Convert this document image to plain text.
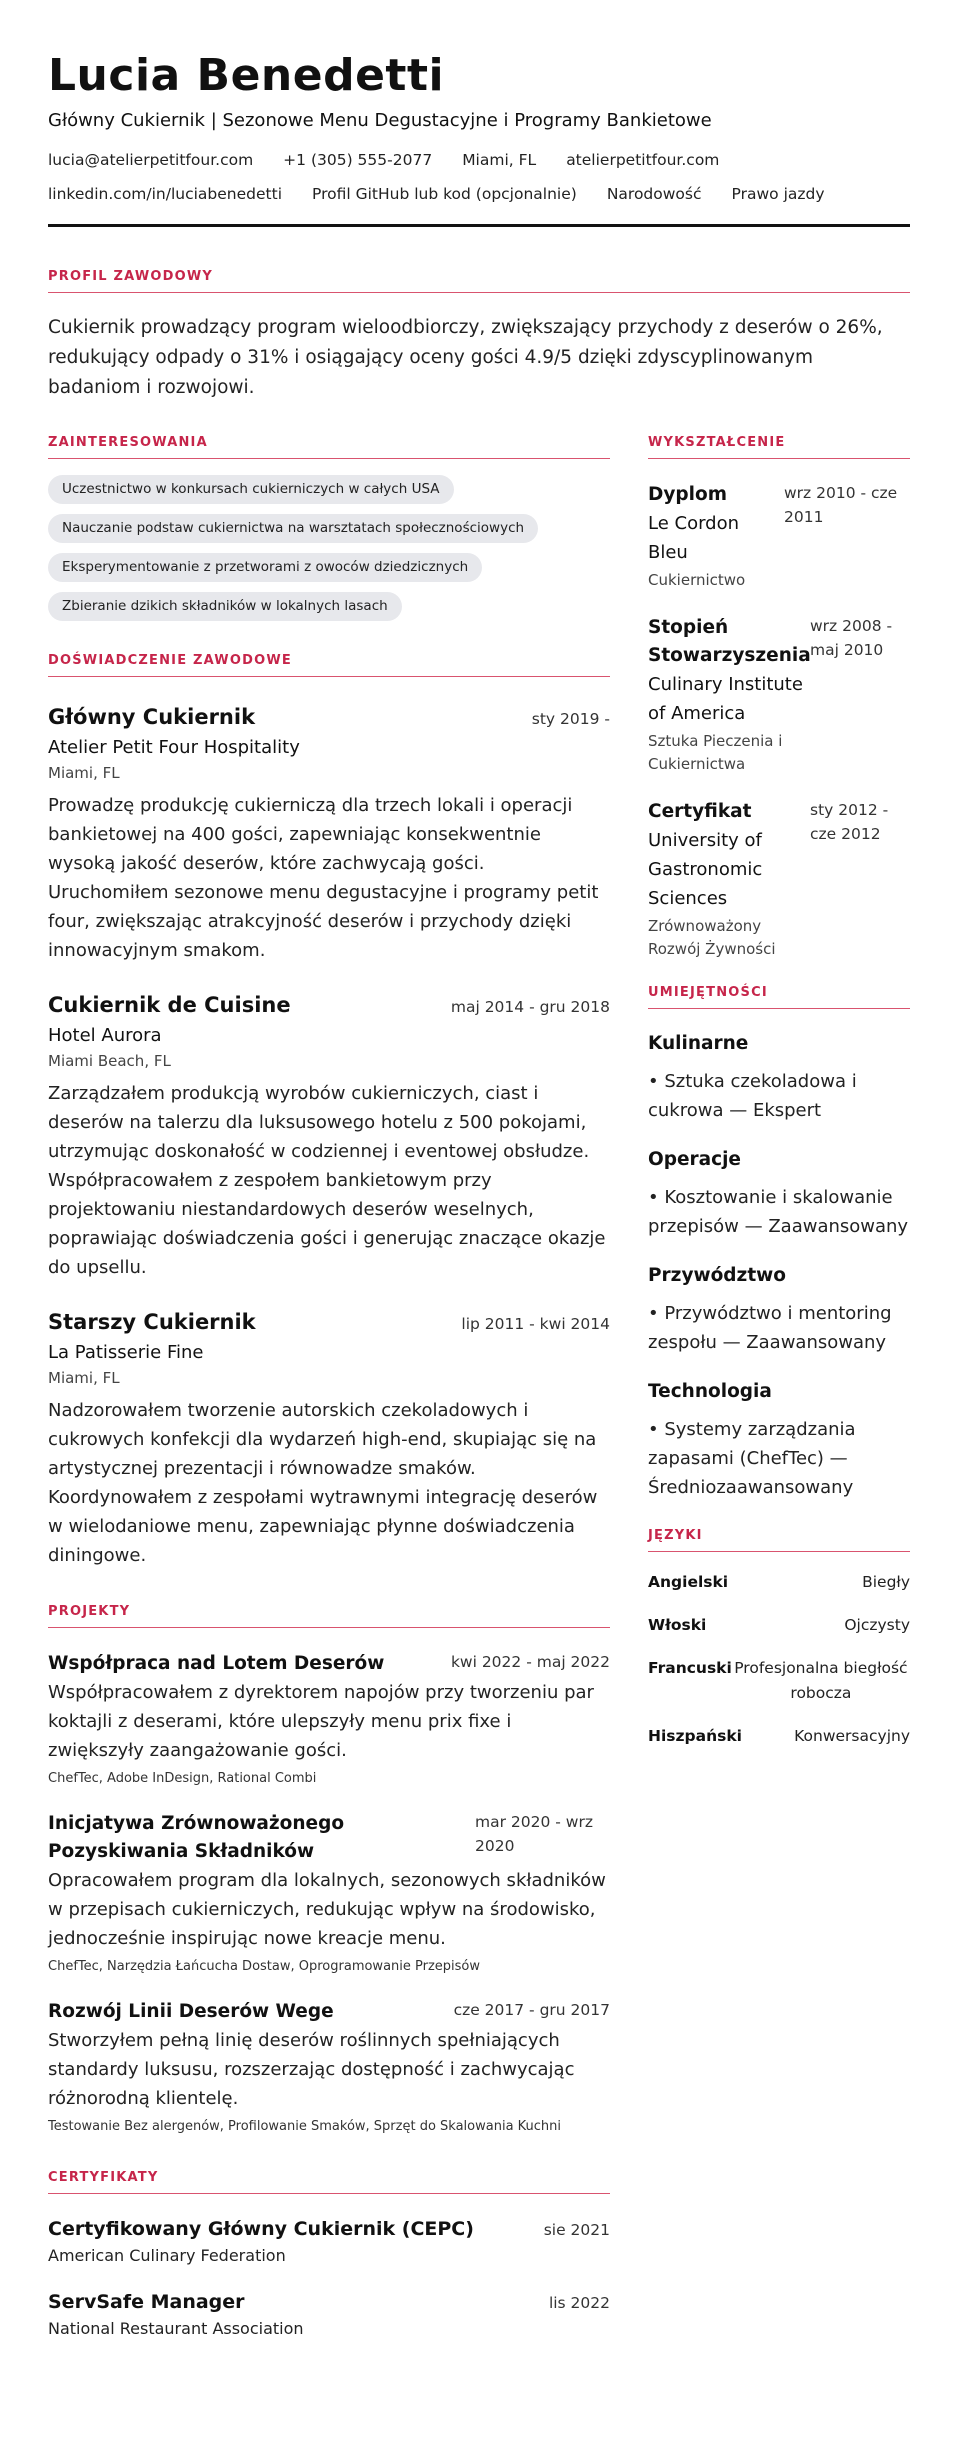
Lucia Benedetti
Główny Cukiernik | Sezonowe Menu Degustacyjne i Programy Bankietowe
lucia@atelierpetitfour.com +1 (305) 555-2077 Miami, FL atelierpetitfour.com
linkedin.com/in/luciabenedetti Profil GitHub lub kod (opcjonalnie) Narodowość Prawo jazdy
PROFIL ZAWODOWY

Cukiernik prowadzący program wieloodbiorczy, zwiększający przychody z deserów o 26%, redukujący odpady o 31% i osiągający oceny gości 4.9/5 dzięki zdyscyplinowanym badaniom i rozwojowi.

ZAINTERESOWANIA
Uczestnictwo w konkursach cukierniczych w całych USA
Nauczanie podstaw cukiernictwa na warsztatach społecznościowych
Eksperymentowanie z przetworami z owoców dziedzicznych
Zbieranie dzikich składników w lokalnych lasach
DOŚWIADCZENIE ZAWODOWE
Główny Cukiernik	sty 2019 -
Atelier Petit Four Hospitality
Miami, FL

Prowadzę produkcję cukierniczą dla trzech lokali i operacji bankietowej na 400 gości, zapewniając konsekwentnie wysoką jakość deserów, które zachwycają gości. Uruchomiłem sezonowe menu degustacyjne i programy petit four, zwiększając atrakcyjność deserów i przychody dzięki innowacyjnym smakom.

Cukiernik de Cuisine	maj 2014 - gru 2018
Hotel Aurora
Miami Beach, FL

Zarządzałem produkcją wyrobów cukierniczych, ciast i deserów na talerzu dla luksusowego hotelu z 500 pokojami, utrzymując doskonałość w codziennej i eventowej obsłudze. Współpracowałem z zespołem bankietowym przy projektowaniu niestandardowych deserów weselnych, poprawiając doświadczenia gości i generując znaczące okazje do upsellu.

Starszy Cukiernik	lip 2011 - kwi 2014
La Patisserie Fine
Miami, FL

Nadzorowałem tworzenie autorskich czekoladowych i cukrowych konfekcji dla wydarzeń high-end, skupiając się na artystycznej prezentacji i równowadze smaków. Koordynowałem z zespołami wytrawnymi integrację deserów w wielodaniowe menu, zapewniając płynne doświadczenia diningowe.

PROJEKTY
Współpraca nad Lotem Deserów	kwi 2022 - maj 2022

Współpracowałem z dyrektorem napojów przy tworzeniu par koktajli z deserami, które ulepszyły menu prix fixe i zwiększyły zaangażowanie gości.

ChefTec, Adobe InDesign, Rational Combi
Inicjatywa Zrównoważonego Pozyskiwania Składników
mar 2020 - wrz 2020

Opracowałem program dla lokalnych, sezonowych składników w przepisach cukierniczych, redukując wpływ na środowisko, jednocześnie inspirując nowe kreacje menu.

ChefTec, Narzędzia Łańcucha Dostaw, Oprogramowanie Przepisów
Rozwój Linii Deserów Wege	cze 2017 - gru 2017

Stworzyłem pełną linię deserów roślinnych spełniających standardy luksusu, rozszerzając dostępność i zachwycając różnorodną klientelę.

Testowanie Bez alergenów, Profilowanie Smaków, Sprzęt do Skalowania Kuchni
CERTYFIKATY
Certyfikowany Główny Cukiernik (CEPC)	sie 2021
American Culinary Federation
ServSafe Manager	lis 2022
National Restaurant Association
WYKSZTAŁCENIE
Dyplom
Le Cordon Bleu
Cukiernictwo
wrz 2010 - cze 2011
Stopień Stowarzyszenia
Culinary Institute of America
Sztuka Pieczenia i Cukiernictwa
wrz 2008 - maj 2010
Certyfikat
University of Gastronomic Sciences
Zrównoważony Rozwój Żywności
sty 2012 - cze 2012
UMIEJĘTNOŚCI
Kulinarne
• Sztuka czekoladowa i cukrowa — Ekspert
Operacje
• Kosztowanie i skalowanie przepisów — Zaawansowany
Przywództwo
• Przywództwo i mentoring zespołu — Zaawansowany
Technologia
• Systemy zarządzania zapasami (ChefTec) — Średniozaawansowany
JĘZYKI
Angielski	Biegły
Włoski	Ojczysty
Francuski Profesjonalna biegłość robocza
Hiszpański	Konwersacyjny
